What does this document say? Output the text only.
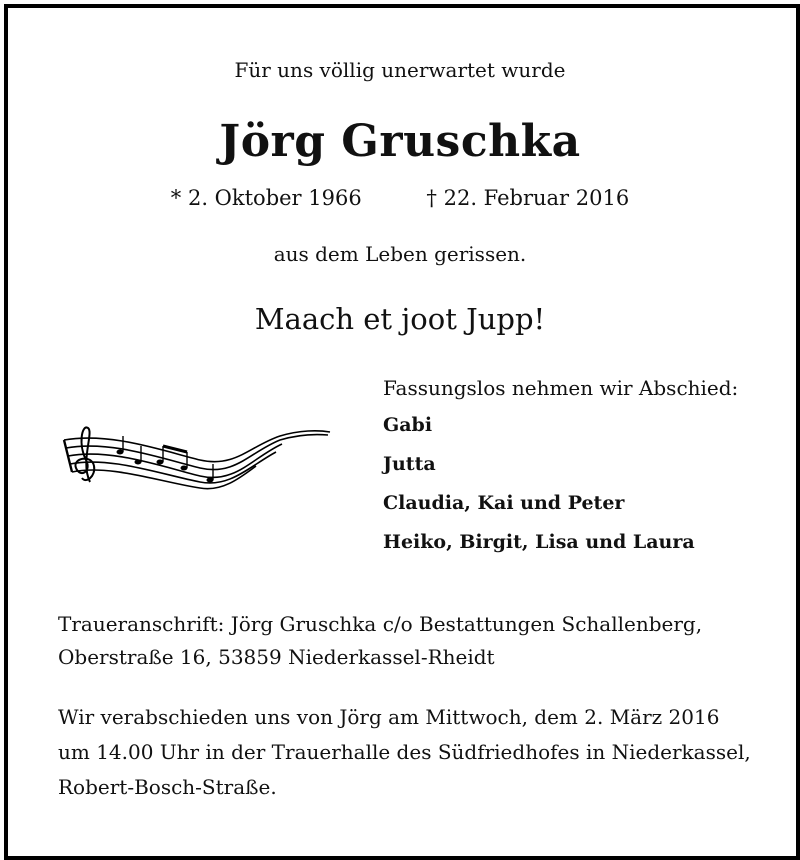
Für uns völlig unerwartet wurde
Jörg Gruschka
* 2. Oktober 1966	† 22. Februar 2016
aus dem Leben gerissen.
Maach et joot Jupp!
Fassungslos nehmen wir Abschied:
Gabi
Jutta
Claudia, Kai und Peter
Heiko, Birgit, Lisa und Laura
Traueranschrift: Jörg Gruschka c/o Bestattungen Schallenberg,
Oberstraße 16, 53859 Niederkassel-Rheidt
Wir verabschieden uns von Jörg am Mittwoch, dem 2. März 2016
um 14.00 Uhr in der Trauerhalle des Südfriedhofes in Niederkassel,
Robert-Bosch-Straße.
